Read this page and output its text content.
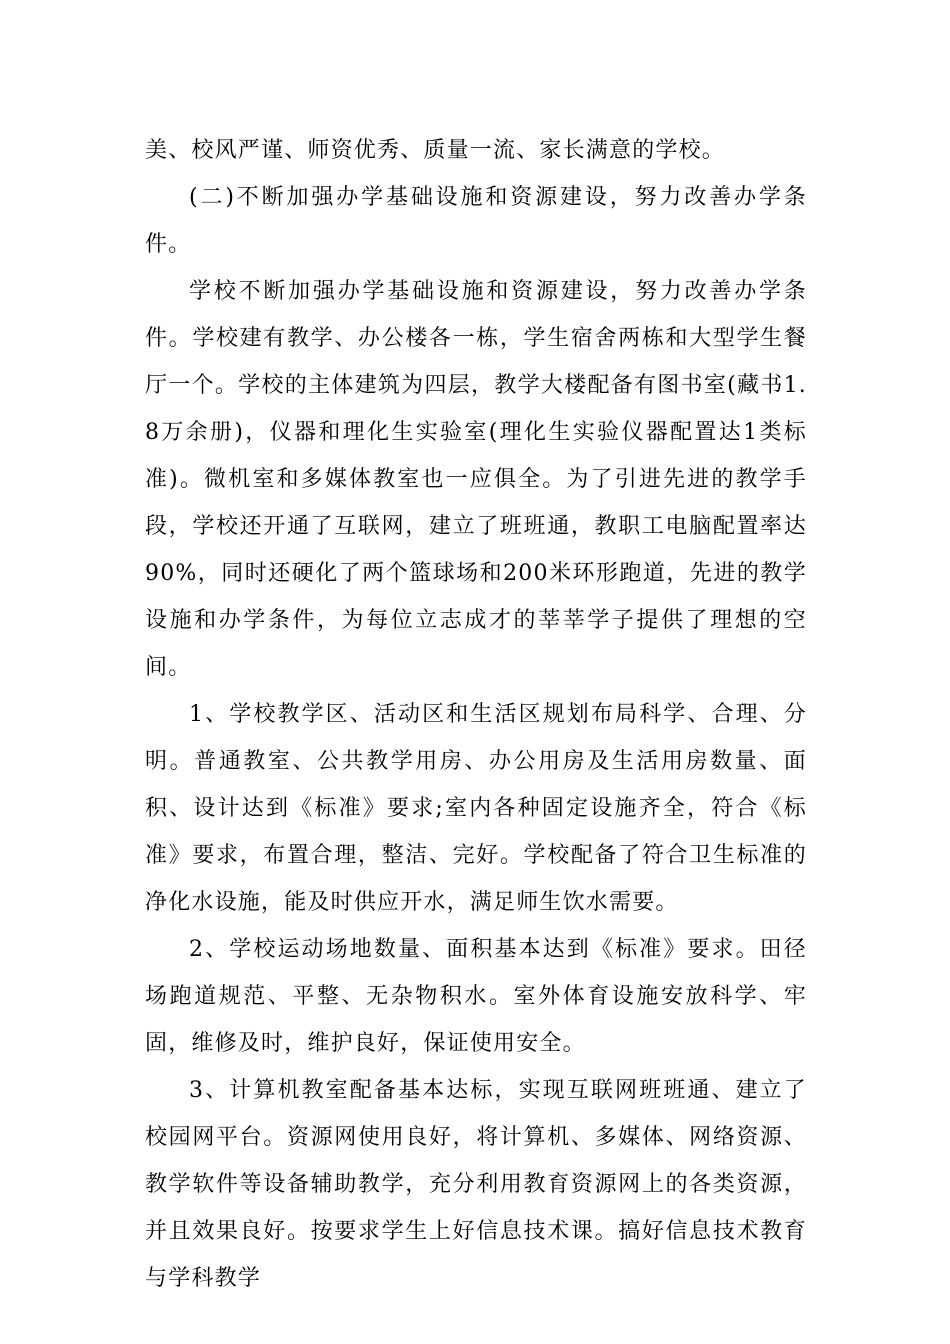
美、校风严谨、师资优秀、质量一流、家长满意的学校。

(二)不断加强办学基础设施和资源建设，努力改善办学条件。

学校不断加强办学基础设施和资源建设，努力改善办学条件。学校建有教学、办公楼各一栋，学生宿舍两栋和大型学生餐厅一个。学校的主体建筑为四层，教学大楼配备有图书室(藏书1.8万余册)，仪器和理化生实验室(理化生实验仪器配置达1类标准)。微机室和多媒体教室也一应俱全。为了引进先进的教学手段，学校还开通了互联网，建立了班班通，教职工电脑配置率达90%，同时还硬化了两个篮球场和200米环形跑道，先进的教学设施和办学条件，为每位立志成才的莘莘学子提供了理想的空间。

1、学校教学区、活动区和生活区规划布局科学、合理、分明。普通教室、公共教学用房、办公用房及生活用房数量、面积、设计达到《标准》要求;室内各种固定设施齐全，符合《标准》要求，布置合理，整洁、完好。学校配备了符合卫生标准的净化水设施，能及时供应开水，满足师生饮水需要。

2、学校运动场地数量、面积基本达到《标准》要求。田径场跑道规范、平整、无杂物积水。室外体育设施安放科学、牢固，维修及时，维护良好，保证使用安全。

3、计算机教室配备基本达标，实现互联网班班通、建立了校园网平台。资源网使用良好，将计算机、多媒体、网络资源、教学软件等设备辅助教学，充分利用教育资源网上的各类资源，并且效果良好。按要求学生上好信息技术课。搞好信息技术教育与学科教学
